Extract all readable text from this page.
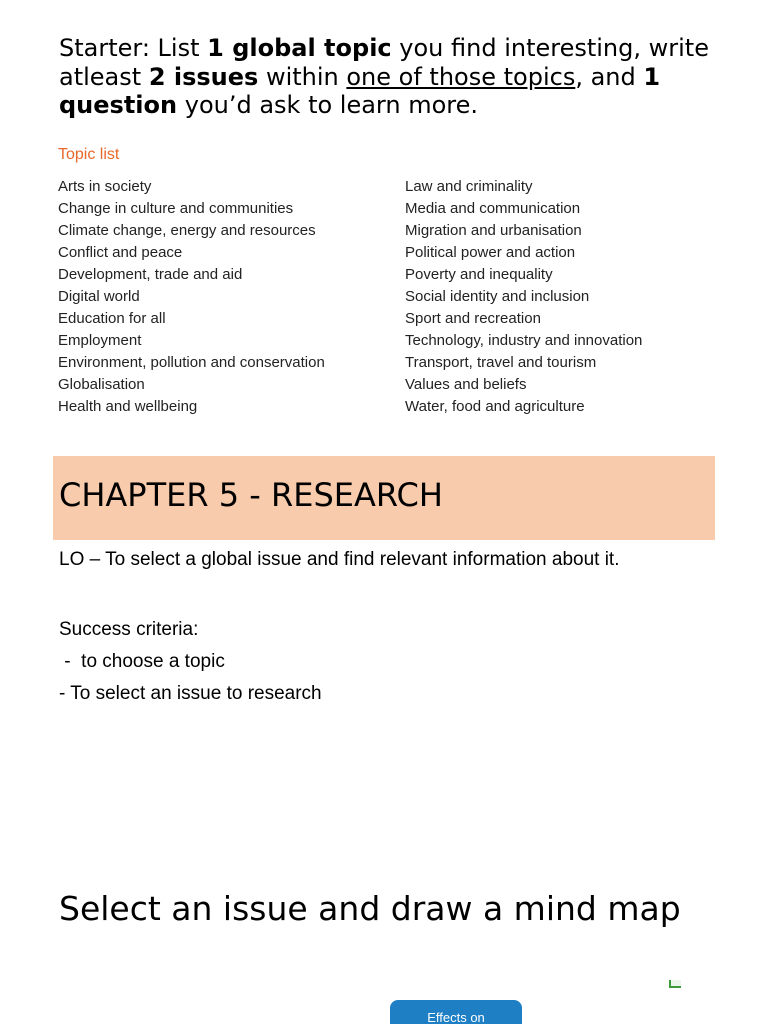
Starter: List 1 global topic you find interesting, write atleast 2 issues within one of those topics, and 1 question you’d ask to learn more.
Topic list
Arts in society
Change in culture and communities
Climate change, energy and resources
Conflict and peace
Development, trade and aid
Digital world
Education for all
Employment
Environment, pollution and conservation
Globalisation
Health and wellbeing
Law and criminality
Media and communication
Migration and urbanisation
Political power and action
Poverty and inequality
Social identity and inclusion
Sport and recreation
Technology, industry and innovation
Transport, travel and tourism
Values and beliefs
Water, food and agriculture
CHAPTER 5 - RESEARCH
LO – To select a global issue and find relevant information about it.
Success criteria:
-  to choose a topic
- To select an issue to research
Select an issue and draw a mind map
Effects on
